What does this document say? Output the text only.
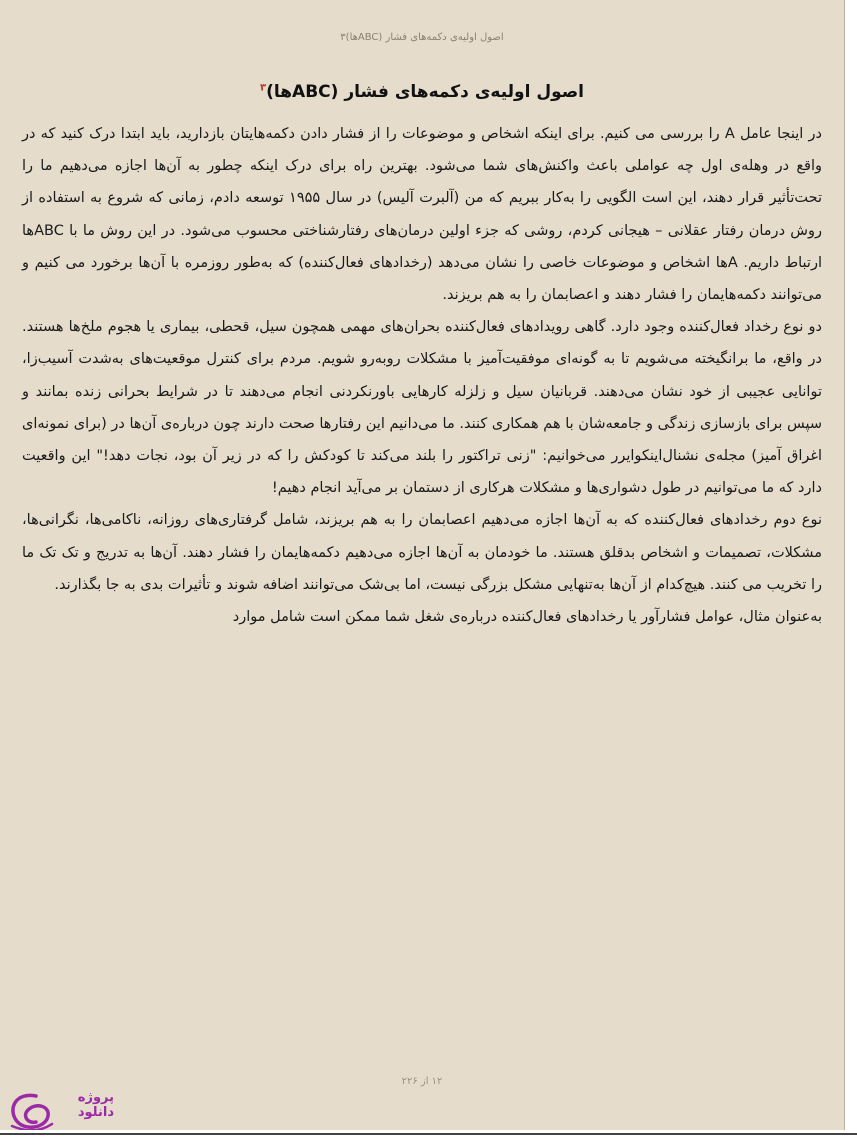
اصول اولیه‌ی دکمه‌های فشار (ABCها)۳
اصول اولیه‌ی دکمه‌های فشار (ABCها)$^۳$

در اینجا عامل A را بررسی می کنیم. برای اینکه اشخاص و موضوعات را از فشار دادن دکمه‌هایتان بازدارید، باید ابتدا درک کنید که در واقع در وهله‌ی اول چه عواملی باعث واکنش‌های شما می‌شود. بهترین راه برای درک اینکه چطور به آن‌ها اجازه می‌دهیم ما را تحت‌تأثیر قرار دهند، این است الگویی را به‌کار ببریم که من (آلبرت آلیس) در سال ۱۹۵۵ توسعه دادم، زمانی که شروع به استفاده از روش درمان رفتار عقلانی – هیجانی کردم، روشی که جزء اولین درمان‌های رفتارشناختی محسوب می‌شود. در این روش ما با ABCها ارتباط داریم. Aها اشخاص و موضوعات خاصی را نشان می‌دهد (رخدادهای فعال‌کننده) که به‌طور روزمره با آن‌ها برخورد می کنیم و می‌توانند دکمه‌هایمان را فشار دهند و اعصابمان را به هم بریزند.

دو نوع رخداد فعال‌کننده وجود دارد. گاهی رویدادهای فعال‌کننده بحران‌های مهمی همچون سیل، قحطی، بیماری یا هجوم ملخ‌ها هستند. در واقع، ما برانگیخته می‌شویم تا به گونه‌ای موفقیت‌آمیز با مشکلات روبه‌رو شویم. مردم برای کنترل موقعیت‌های به‌شدت آسیب‌زا، توانایی عجیبی از خود نشان می‌دهند. قربانیان سیل و زلزله کارهایی باورنکردنی انجام می‌دهند تا در شرایط بحرانی زنده بمانند و سپس برای بازسازی زندگی و جامعه‌شان با هم همکاری کنند. ما می‌دانیم این رفتارها صحت دارند چون درباره‌ی آن‌ها در (برای نمونه‌ای اغراق آمیز) مجله‌ی نشنال‌اینکوایرر می‌خوانیم: "زنی تراکتور را بلند می‌کند تا کودکش را که در زیر آن بود، نجات دهد!" این واقعیت دارد که ما می‌توانیم در طول دشواری‌ها و مشکلات هرکاری از دستمان بر می‌آید انجام دهیم!

نوع دوم رخدادهای فعال‌کننده که به آن‌ها اجازه می‌دهیم اعصابمان را به هم بریزند، شامل گرفتاری‌های روزانه، ناکامی‌ها، نگرانی‌ها، مشکلات، تصمیمات و اشخاص بدقلق هستند. ما خودمان به آن‌ها اجازه می‌دهیم دکمه‌هایمان را فشار دهند. آن‌ها به تدریج و تک تک ما را تخریب می کنند. هیچ‌کدام از آن‌ها به‌تنهایی مشکل بزرگی نیست، اما بی‌شک می‌توانند اضافه شوند و تأثیرات بدی به جا بگذارند.

به‌عنوان مثال، عوامل فشارآور یا رخدادهای فعال‌کننده درباره‌ی شغل شما ممکن است شامل موارد

۱۲ از ۲۲۶
پروژه
دانلود
